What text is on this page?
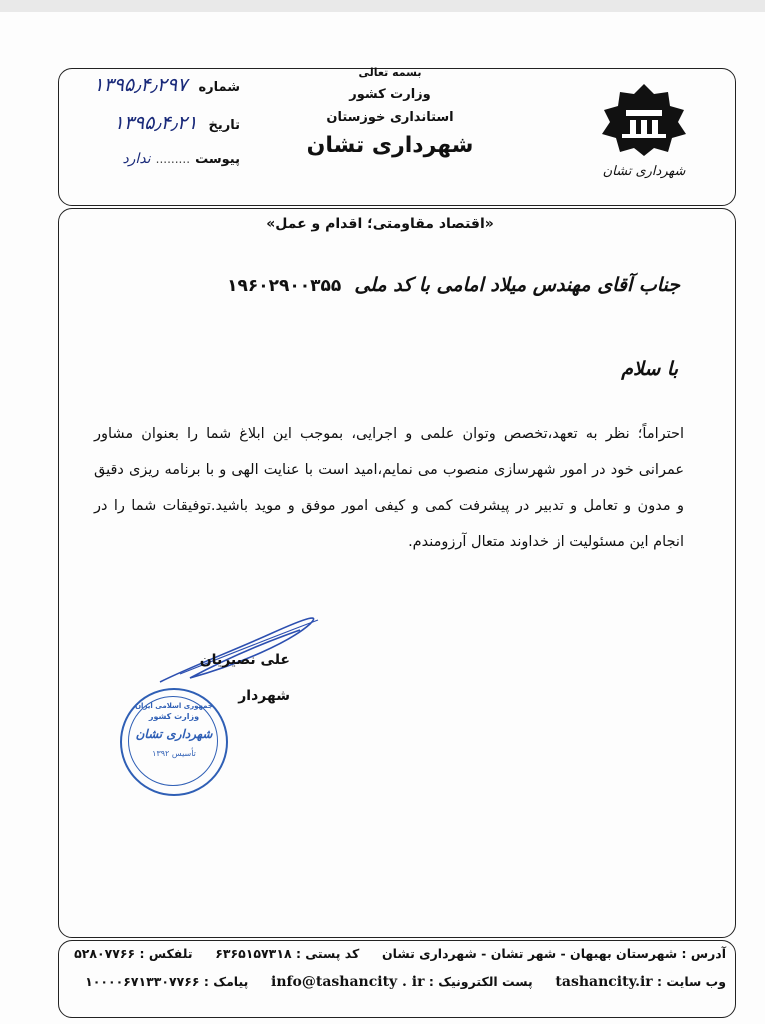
شهرداری تشان
بسمه تعالی
وزارت کشور
استانداری خوزستان
شهرداری تشان
شماره ۱۳۹۵٫۴٫۲۹۷
تاریخ ۱۳۹۵٫۴٫۲۱
پیوست ......... ندارد
«اقتصاد مقاومتی؛ اقدام و عمل»
جناب آقای مهندس میلاد امامی با کد ملی ۱۹۶۰۲۹۰۰۳۵۵
با سلام
احتراماً؛ نظر به تعهد،تخصص وتوان علمی و اجرایی، بموجب این ابلاغ شما را بعنوان مشاور عمرانی خود در امور شهرسازی منصوب می نمایم،امید است با عنایت الهی و با برنامه ریزی دقیق و مدون و تعامل و تدبیر در پیشرفت کمی و کیفی امور موفق و موید باشید.توفیقات شما را در انجام این مسئولیت از خداوند متعال آرزومندم.
علی نصیریان
شهردار
جمهوری اسلامی ایران
وزارت کشور
شهرداری تشان
تأسیس ۱۳۹۲
آدرس : شهرستان بهبهان - شهر تشان - شهرداری تشان  کد پستی : ۶۳۶۵۱۵۷۳۱۸  تلفکس : ۵۲۸۰۷۷۶۶
وب سایت : tashancity.ir  پست الکترونیک : info@tashancity . ir  پیامک : ۱۰۰۰۰۶۷۱۳۳۰۷۷۶۶
